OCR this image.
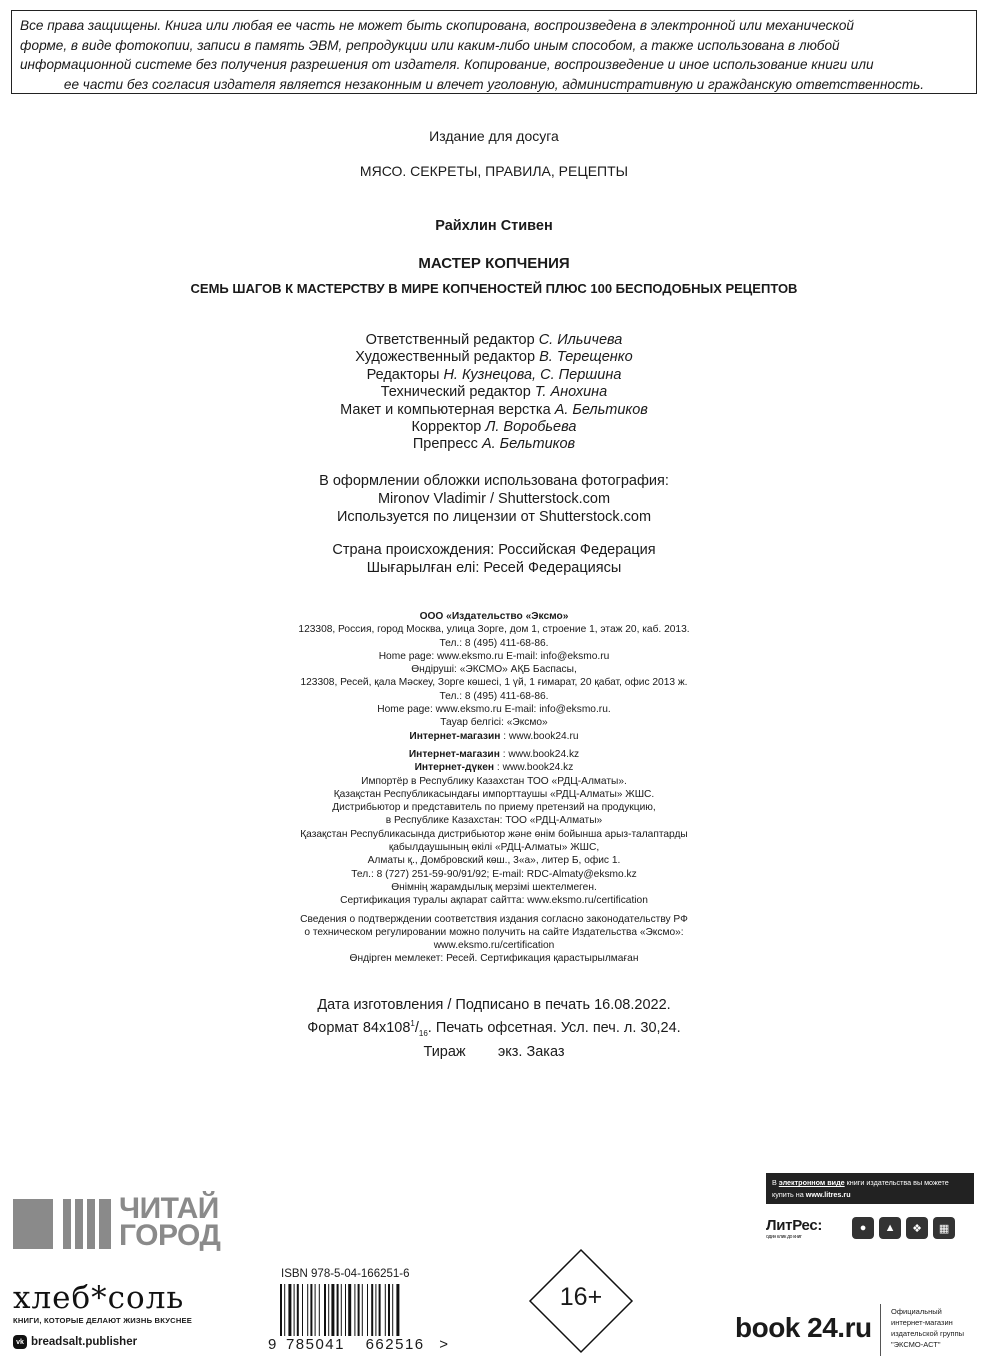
Все права защищены. Книга или любая ее часть не может быть скопирована, воспроизведена в электронной или механической
форме, в виде фотокопии, записи в память ЭВМ, репродукции или каким-либо иным способом, а также использована в любой
информационной системе без получения разрешения от издателя. Копирование, воспроизведение и иное использование книги или
ее части без согласия издателя является незаконным и влечет уголовную, административную и гражданскую ответственность.
Издание для досуга
МЯСО. СЕКРЕТЫ, ПРАВИЛА, РЕЦЕПТЫ
Райхлин Стивен
МАСТЕР КОПЧЕНИЯ
СЕМЬ ШАГОВ К МАСТЕРСТВУ В МИРЕ КОПЧЕНОСТЕЙ ПЛЮС 100 БЕСПОДОБНЫХ РЕЦЕПТОВ
Ответственный редактор С. Ильичева
Художественный редактор В. Терещенко
Редакторы Н. Кузнецова, С. Першина
Технический редактор Т. Анохина
Макет и компьютерная верстка А. Бельтиков
Корректор Л. Воробьева
Препресс А. Бельтиков
В оформлении обложки использована фотография:
Mironov Vladimir / Shutterstock.com
Используется по лицензии от Shutterstock.com
Страна происхождения: Российская Федерация
Шығарылған елі: Ресей Федерациясы
ООО «Издательство «Эксмо»
123308, Россия, город Москва, улица Зорге, дом 1, строение 1, этаж 20, каб. 2013.
Тел.: 8 (495) 411-68-86.
Home page: www.eksmo.ru E-mail: info@eksmo.ru
Өндіруші: «ЭКСМО» АҚБ Баспасы,
123308, Ресей, қала Мәскеу, Зорге көшесі, 1 үй, 1 ғимарат, 20 қабат, офис 2013 ж.
Тел.: 8 (495) 411-68-86.
Home page: www.eksmo.ru E-mail: info@eksmo.ru.
Тауар белгісі: «Эксмо»
Интернет-магазин : www.book24.ru
Интернет-магазин : www.book24.kz
Интернет-дүкен : www.book24.kz
Импортёр в Республику Казахстан ТОО «РДЦ-Алматы».
Қазақстан Республикасындағы импорттаушы «РДЦ-Алматы» ЖШС.
Дистрибьютор и представитель по приему претензий на продукцию,
в Республике Казахстан: ТОО «РДЦ-Алматы»
Қазақстан Республикасында дистрибьютор және өнім бойынша арыз-талаптарды
қабылдаушының өкілі «РДЦ-Алматы» ЖШС,
Алматы қ., Домбровский көш., 3«а», литер Б, офис 1.
Тел.: 8 (727) 251-59-90/91/92; E-mail: RDC-Almaty@eksmo.kz
Өнімнің жарамдылық мерзімі шектелмеген.
Сертификация туралы ақпарат сайтта: www.eksmo.ru/certification
Сведения о подтверждении соответствия издания согласно законодательству РФ
о техническом регулировании можно получить на сайте Издательства «Эксмо»:
www.eksmo.ru/certification
Өндірген мемлекет: Ресей. Сертификация қарастырылмаған
Дата изготовления / Подписано в печать 16.08.2022.
Формат $84x108^1/_{16}$. Печать офсетная. Усл. печ. л. 30,24.
Тираж        экз. Заказ
ЧИТАЙ
ГОРОД
хлеб*соль
КНИГИ, КОТОРЫЕ ДЕЛАЮТ ЖИЗНЬ ВКУСНЕЕ
vk breadsalt.publisher
ISBN 978-5-04-166251-6
9 785041	662516 >
16+
В электронном виде книги издательства вы можете
купить на www.litres.ru
ЛитРес:
один клик до книг
●	▲	❖	▦
book 24.ru
Официальный
интернет-магазин
издательской группы
"ЭКСМО-АСТ"
